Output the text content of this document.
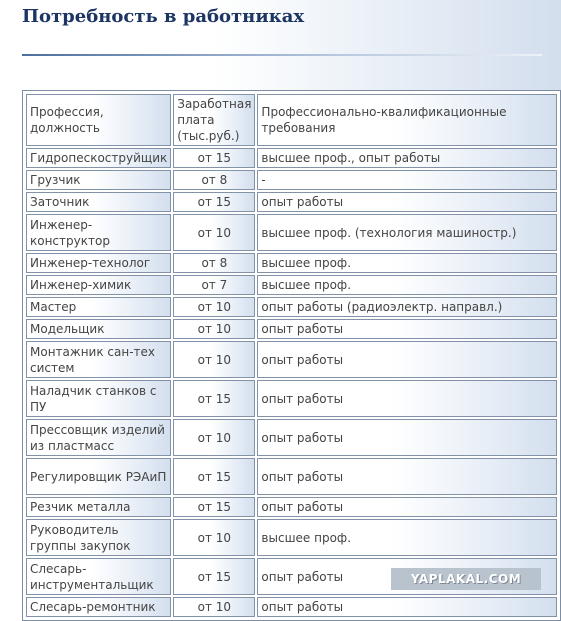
Потребность в работниках
Профессия, должность	Заработная плата (тыс.руб.)	Профессионально-квалификационные требования
Гидропескоструйщик	от 15	высшее проф., опыт работы
Грузчик	от 8	-
Заточник	от 15	опыт работы
Инженер-конструктор	от 10	высшее проф. (технология машиностр.)
Инженер-технолог	от 8	высшее проф.
Инженер-химик	от 7	высшее проф.
Мастер	от 10	опыт работы (радиоэлектр. направл.)
Модельщик	от 10	опыт работы
Монтажник сан-тех систем	от 10	опыт работы
Наладчик станков с ПУ	от 15	опыт работы
Прессовщик изделий из пластмасс	от 10	опыт работы
Регулировщик РЭАиП	от 15	опыт работы
Резчик металла	от 15	опыт работы
Руководитель группы закупок	от 10	высшее проф.
Слесарь-инструментальщик	от 15	опыт работы
Слесарь-ремонтник	от 10	опыт работы
YAPLAKAL.COM
